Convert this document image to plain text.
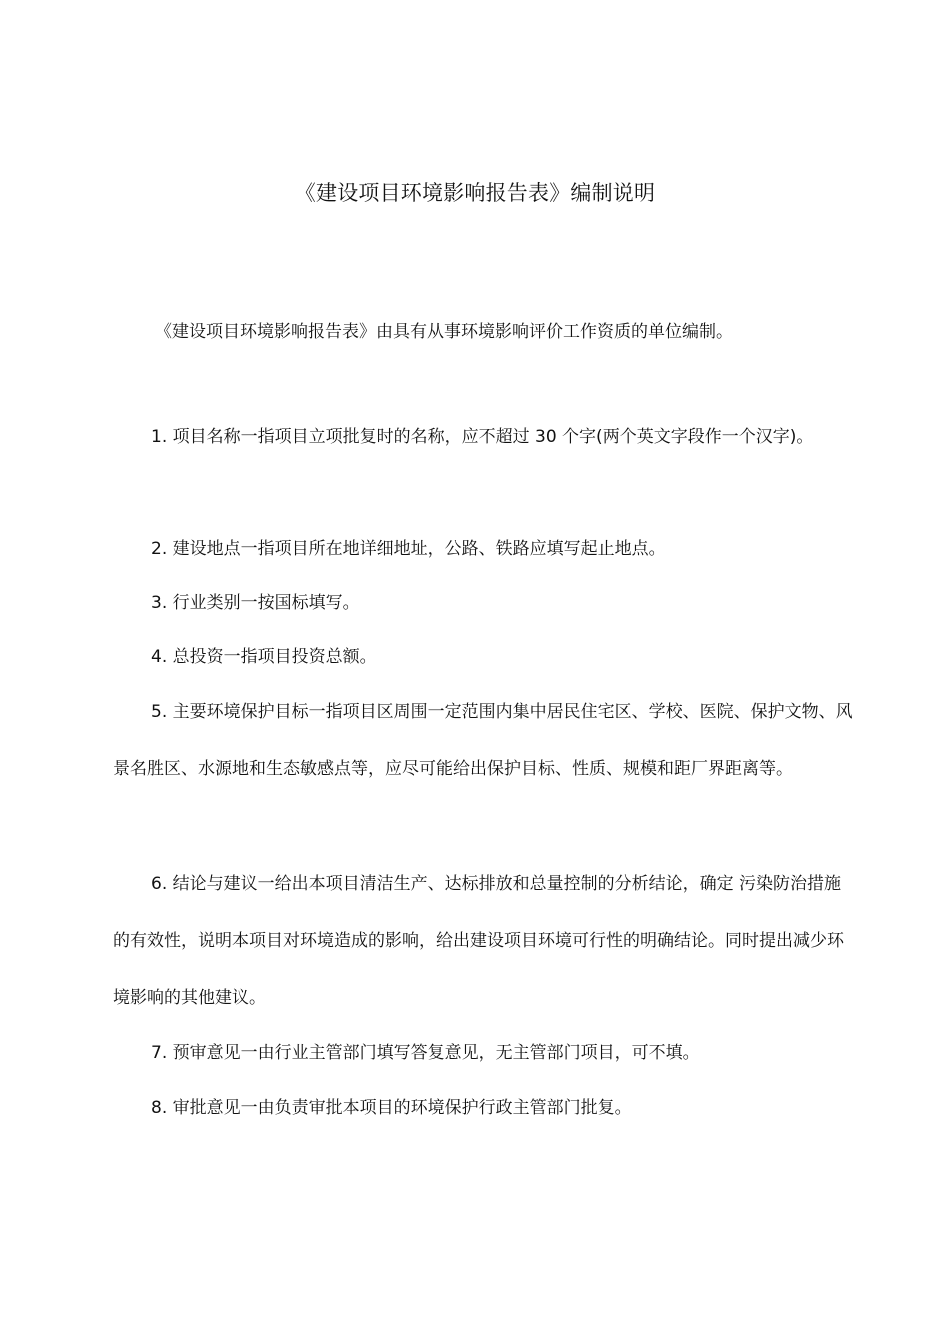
《建设项目环境影响报告表》编制说明

《建设项目环境影响报告表》由具有从事环境影响评价工作资质的单位编制。

1. 项目名称一指项目立项批复时的名称，应不超过 30 个字(两个英文字段作一个汉字)。

2. 建设地点一指项目所在地详细地址，公路、铁路应填写起止地点。

3. 行业类别一按国标填写。

4. 总投资一指项目投资总额。

5. 主要环境保护目标一指项目区周围一定范围内集中居民住宅区、学校、医院、保护文物、风景名胜区、水源地和生态敏感点等，应尽可能给出保护目标、性质、规模和距厂界距离等。

6. 结论与建议一给出本项目清洁生产、达标排放和总量控制的分析结论，确定 污染防治措施的有效性，说明本项目对环境造成的影响，给出建设项目环境可行性的明确结论。同时提出减少环境影响的其他建议。

7. 预审意见一由行业主管部门填写答复意见，无主管部门项目，可不填。

8. 审批意见一由负责审批本项目的环境保护行政主管部门批复。
